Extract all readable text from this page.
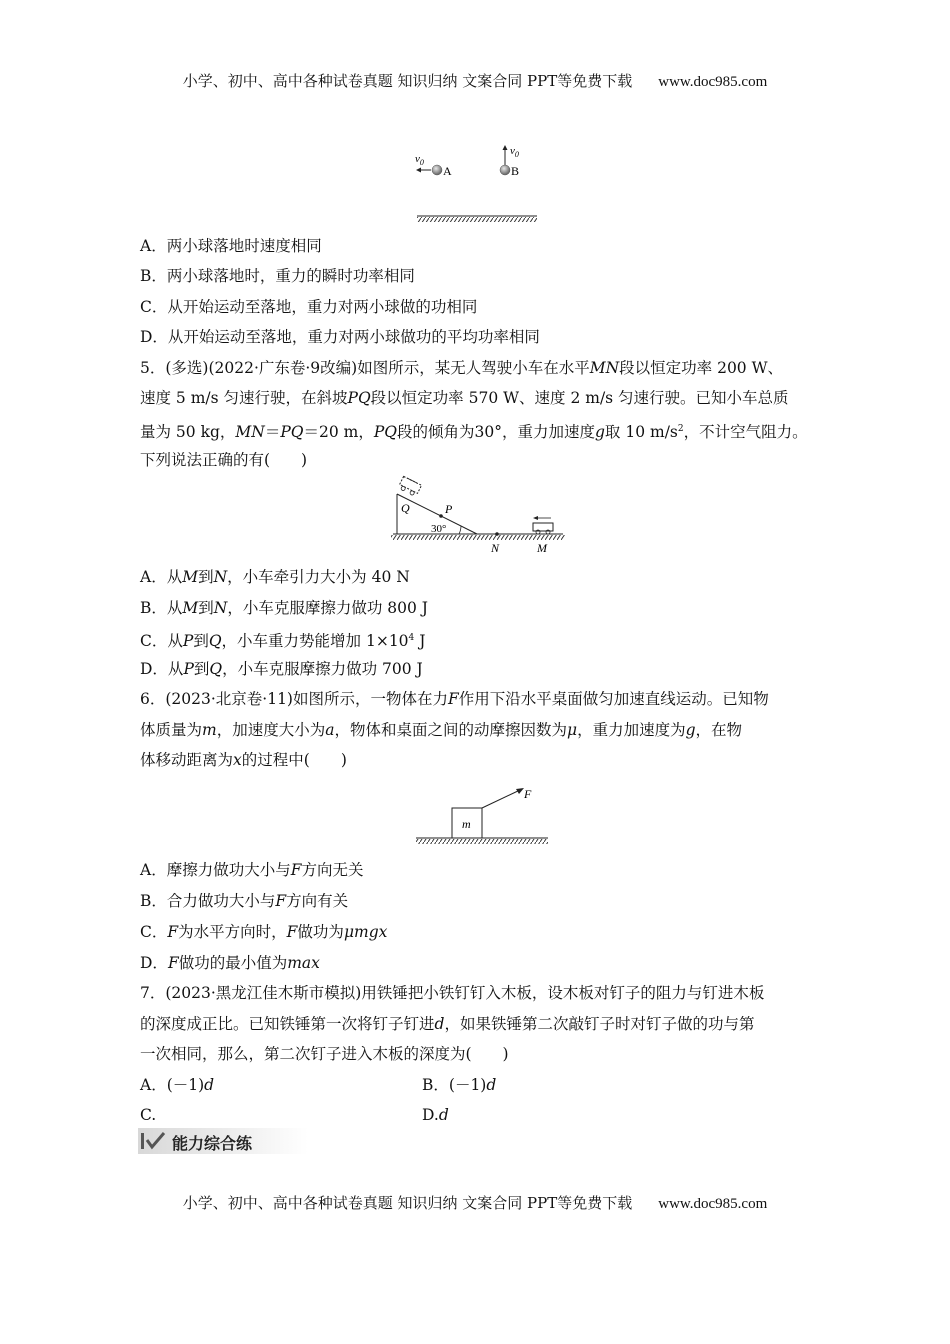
小学、初中、高中各种试卷真题 知识归纳 文案合同 PPT等免费下载 www.doc985.com
$v_0$
A
$v_0$
B
A．两小球落地时速度相同
B．两小球落地时，重力的瞬时功率相同
C．从开始运动至落地，重力对两小球做的功相同
D．从开始运动至落地，重力对两小球做功的平均功率相同
5．(多选)(2022·广东卷·9改编)如图所示，某无人驾驶小车在水平MN段以恒定功率 200 W、
速度 5 m/s 匀速行驶，在斜坡PQ段以恒定功率 570 W、速度 2 m/s 匀速行驶。已知小车总质
量为 50 kg，MN＝PQ＝20 m，PQ段的倾角为30°，重力加速度g取 10 $m/s^2$，不计空气阻力。
下列说法正确的有(　　)
Q	P
30°
N	M
A．从M到N，小车牵引力大小为 40 N
B．从M到N，小车克服摩擦力做功 800 J
C．从P到Q，小车重力势能增加 $1\times 10^4$ J
D．从P到Q，小车克服摩擦力做功 700 J
6．(2023·北京卷·11)如图所示，一物体在力F作用下沿水平桌面做匀加速直线运动。已知物
体质量为m，加速度大小为a，物体和桌面之间的动摩擦因数为μ，重力加速度为g，在物
体移动距离为x的过程中(　　)
m
F
A．摩擦力做功大小与F方向无关
B．合力做功大小与F方向有关
C．F为水平方向时，F做功为μmgx
D．F做功的最小值为max
7．(2023·黑龙江佳木斯市模拟)用铁锤把小铁钉钉入木板，设木板对钉子的阻力与钉进木板
的深度成正比。已知铁锤第一次将钉子钉进d，如果铁锤第二次敲钉子时对钉子做的功与第
一次相同，那么，第二次钉子进入木板的深度为(　　)
A．(－1)d	B．(－1)d
C.	D.d
能力综合练
小学、初中、高中各种试卷真题 知识归纳 文案合同 PPT等免费下载 www.doc985.com
